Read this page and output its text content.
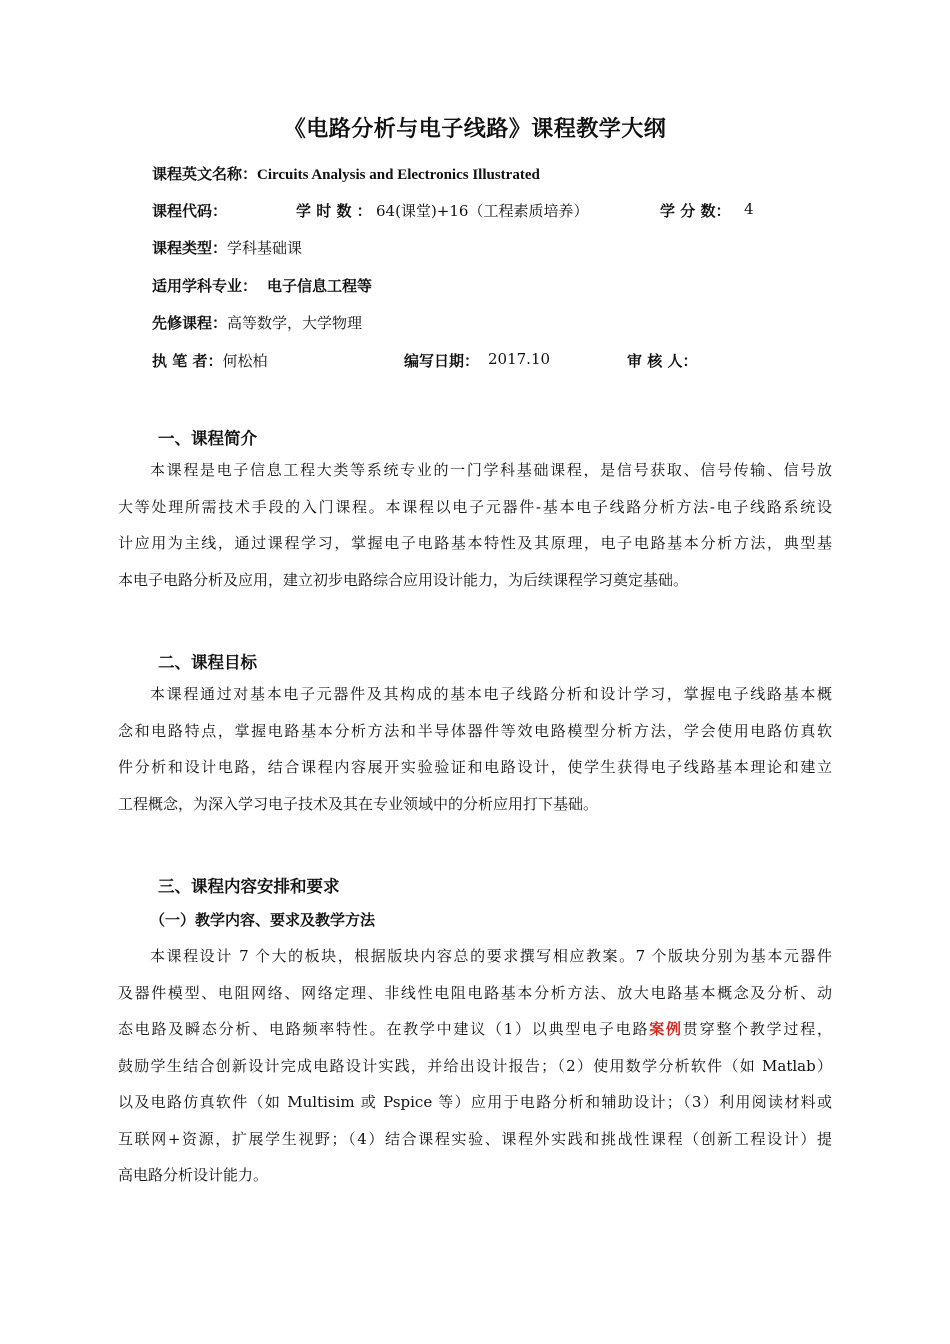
《电路分析与电子线路》课程教学大纲
课程英文名称：Circuits Analysis and Electronics Illustrated
课程代码：	学 时 数 ： 64(课堂)+16（工程素质培养）	学 分 数： 4
课程类型：学科基础课
适用学科专业： 电子信息工程等
先修课程：高等数学，大学物理
执 笔 者：何松柏	编写日期： 2017.10	审 核 人：
一、课程简介
本课程是电子信息工程大类等系统专业的一门学科基础课程，是信号获取、信号传输、信号放
大等处理所需技术手段的入门课程。本课程以电子元器件-基本电子线路分析方法-电子线路系统设
计应用为主线，通过课程学习，掌握电子电路基本特性及其原理，电子电路基本分析方法，典型基
本电子电路分析及应用，建立初步电路综合应用设计能力，为后续课程学习奠定基础。
二、课程目标
本课程通过对基本电子元器件及其构成的基本电子线路分析和设计学习，掌握电子线路基本概
念和电路特点，掌握电路基本分析方法和半导体器件等效电路模型分析方法，学会使用电路仿真软
件分析和设计电路，结合课程内容展开实验验证和电路设计，使学生获得电子线路基本理论和建立
工程概念，为深入学习电子技术及其在专业领域中的分析应用打下基础。
三、课程内容安排和要求
（一）教学内容、要求及教学方法
本课程设计 7 个大的板块，根据版块内容总的要求撰写相应教案。7 个版块分别为基本元器件
及器件模型、电阻网络、网络定理、非线性电阻电路基本分析方法、放大电路基本概念及分析、动
态电路及瞬态分析、电路频率特性。在教学中建议（1）以典型电子电路案例贯穿整个教学过程，
鼓励学生结合创新设计完成电路设计实践，并给出设计报告；（2）使用数学分析软件（如 Matlab）
以及电路仿真软件（如 Multisim 或 Pspice 等）应用于电路分析和辅助设计；（3）利用阅读材料或
互联网+资源，扩展学生视野；（4）结合课程实验、课程外实践和挑战性课程（创新工程设计）提
高电路分析设计能力。
